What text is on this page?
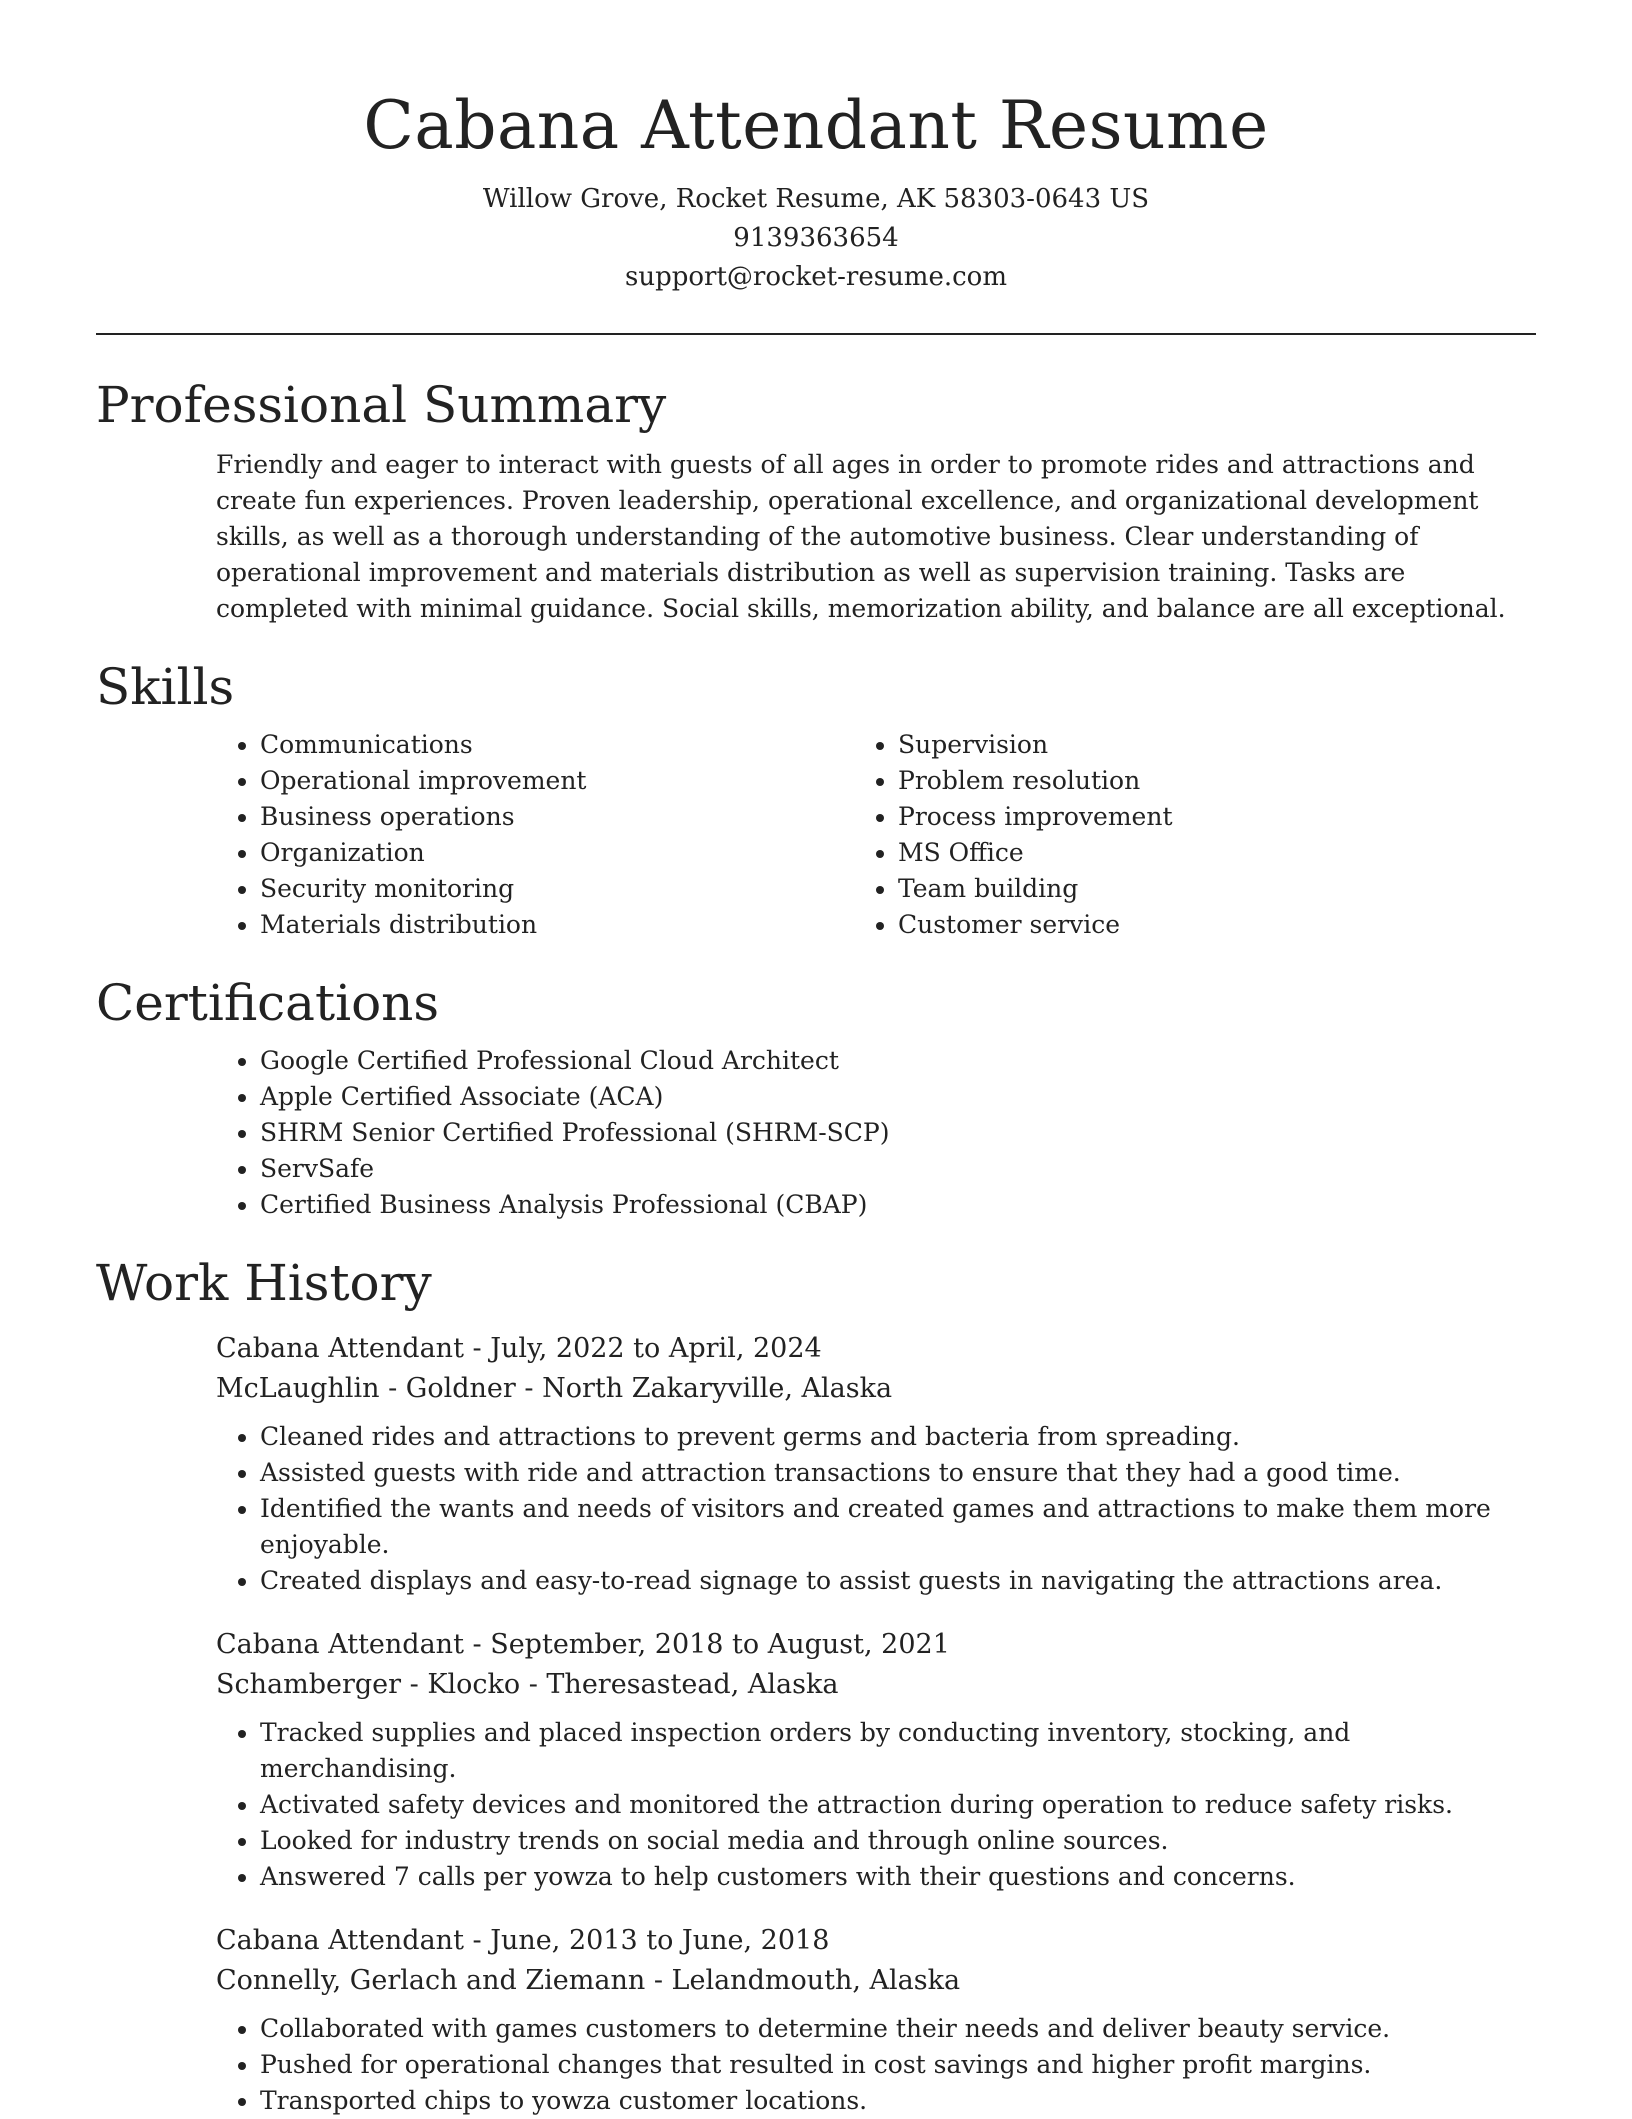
Cabana Attendant Resume
Willow Grove, Rocket Resume, AK 58303-0643 US
9139363654
support@rocket-resume.com
Professional Summary

Friendly and eager to interact with guests of all ages in order to promote rides and attractions and create fun experiences. Proven leadership, operational excellence, and organizational development skills, as well as a thorough understanding of the automotive business. Clear understanding of operational improvement and materials distribution as well as supervision training. Tasks are completed with minimal guidance. Social skills, memorization ability, and balance are all exceptional.

Skills
• Communications
• Operational improvement
• Business operations
• Organization
• Security monitoring
• Materials distribution
• Supervision
• Problem resolution
• Process improvement
• MS Office
• Team building
• Customer service
Certifications
• Google Certified Professional Cloud Architect
• Apple Certified Associate (ACA)
• SHRM Senior Certified Professional (SHRM-SCP)
• ServSafe
• Certified Business Analysis Professional (CBAP)
Work History
Cabana Attendant - July, 2022 to April, 2024
McLaughlin - Goldner - North Zakaryville, Alaska
• Cleaned rides and attractions to prevent germs and bacteria from spreading.
• Assisted guests with ride and attraction transactions to ensure that they had a good time.
• Identified the wants and needs of visitors and created games and attractions to make them more enjoyable.
• Created displays and easy-to-read signage to assist guests in navigating the attractions area.
Cabana Attendant - September, 2018 to August, 2021
Schamberger - Klocko - Theresastead, Alaska
• Tracked supplies and placed inspection orders by conducting inventory, stocking, and merchandising.
• Activated safety devices and monitored the attraction during operation to reduce safety risks.
• Looked for industry trends on social media and through online sources.
• Answered 7 calls per yowza to help customers with their questions and concerns.
Cabana Attendant - June, 2013 to June, 2018
Connelly, Gerlach and Ziemann - Lelandmouth, Alaska
• Collaborated with games customers to determine their needs and deliver beauty service.
• Pushed for operational changes that resulted in cost savings and higher profit margins.
• Transported chips to yowza customer locations.
